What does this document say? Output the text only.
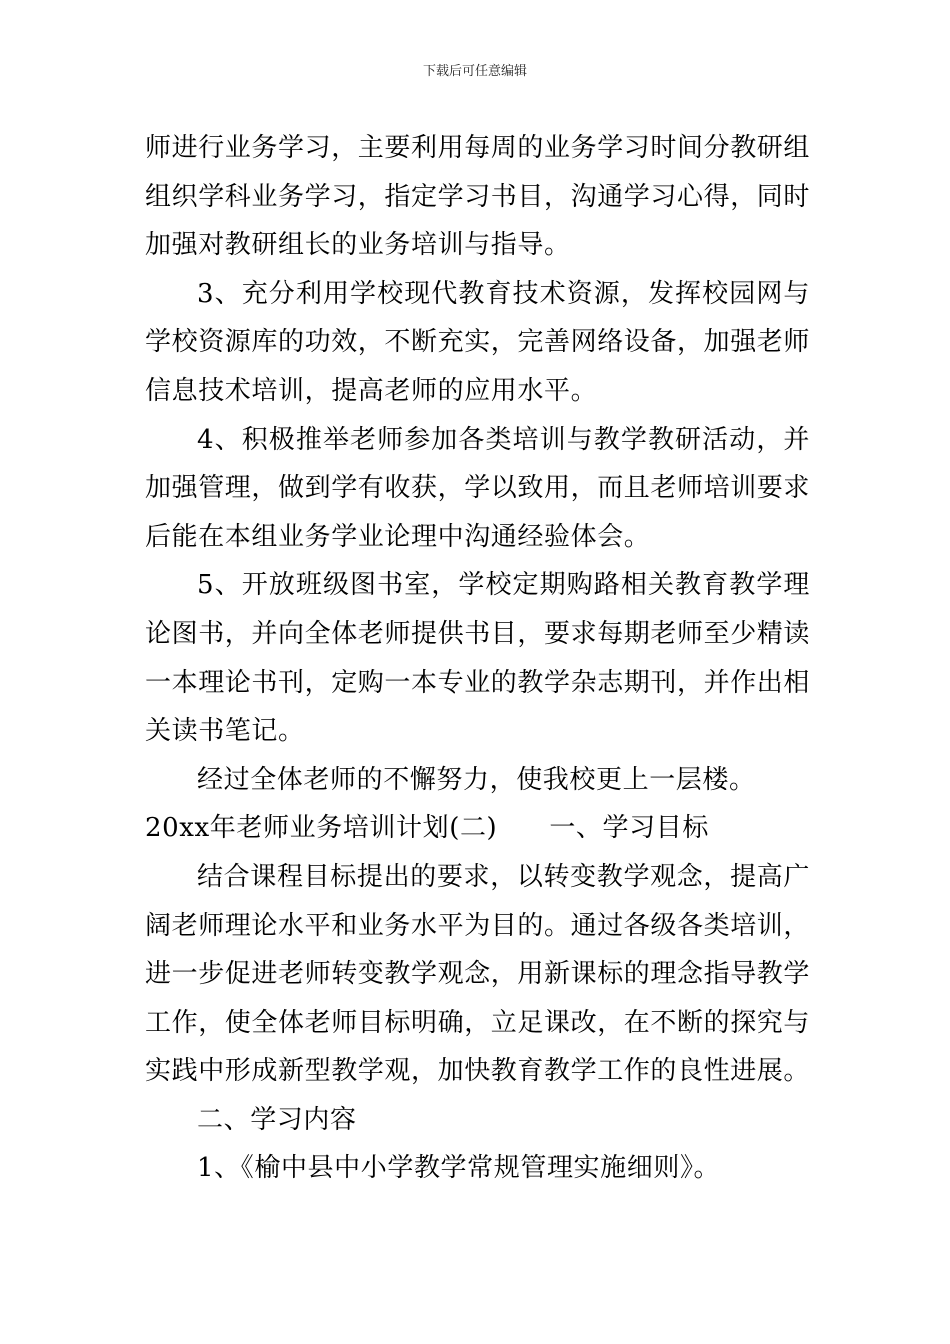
下载后可任意编辑

师进行业务学习，主要利用每周的业务学习时间分教研组组织学科业务学习，指定学习书目，沟通学习心得，同时加强对教研组长的业务培训与指导。

3、充分利用学校现代教育技术资源，发挥校园网与学校资源库的功效，不断充实，完善网络设备，加强老师信息技术培训，提高老师的应用水平。

4、积极推举老师参加各类培训与教学教研活动，并加强管理，做到学有收获，学以致用，而且老师培训要求后能在本组业务学业论理中沟通经验体会。

5、开放班级图书室，学校定期购路相关教育教学理论图书，并向全体老师提供书目，要求每期老师至少精读一本理论书刊，定购一本专业的教学杂志期刊，并作出相关读书笔记。

经过全体老师的不懈努力，使我校更上一层楼。

20xx年老师业务培训计划(二) 一、学习目标

结合课程目标提出的要求，以转变教学观念，提高广阔老师理论水平和业务水平为目的。通过各级各类培训，进一步促进老师转变教学观念，用新课标的理念指导教学工作，使全体老师目标明确，立足课改，在不断的探究与实践中形成新型教学观，加快教育教学工作的良性进展。

二、学习内容

1、《榆中县中小学教学常规管理实施细则》。
